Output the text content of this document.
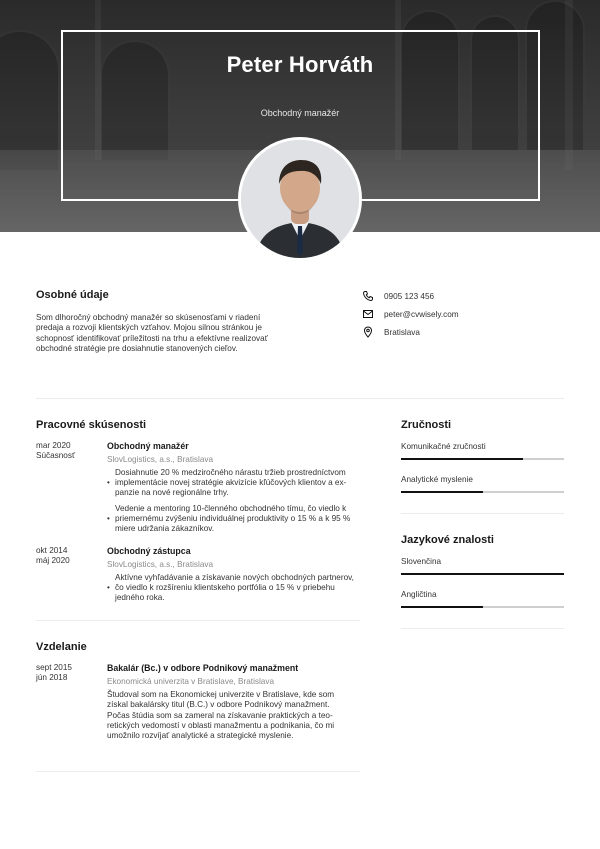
Peter Horváth
Obchodný manažér
Osobné údaje
Som dlhoročný obchodný manažér so skúsenosťami v riadení
predaja a rozvoji klientských vzťahov. Mojou silnou stránkou je
schopnosť identifikovať príležitosti na trhu a efektívne realizovať
obchodné stratégie pre dosiahnutie stanovených cieľov.
0905 123 456
peter@cvwisely.com
Bratislava
Pracovné skúsenosti
mar 2020
Súčasnosť
Obchodný manažér
SlovLogistics, a.s., Bratislava
•
Dosiahnutie 20 % medziročného nárastu tržieb prostredníctvom
implementácie novej stratégie akvizície kľúčových klientov a ex-
panzie na nové regionálne trhy.
•
Vedenie a mentoring 10-členného obchodného tímu, čo viedlo k
priemernému zvýšeniu individuálnej produktivity o 15 % a k 95 %
miere udržania zákazníkov.
okt 2014
máj 2020
Obchodný zástupca
SlovLogistics, a.s., Bratislava
•
Aktívne vyhľadávanie a získavanie nových obchodných partnerov,
čo viedlo k rozšíreniu klientskeho portfólia o 15 % v priebehu
jedného roka.
Vzdelanie
sept 2015
jún 2018
Bakalár (Bc.) v odbore Podnikový manažment
Ekonomická univerzita v Bratislave, Bratislava
Študoval som na Ekonomickej univerzite v Bratislave, kde som
získal bakalársky titul (B.C.) v odbore Podnikový manažment.
Počas štúdia som sa zameral na získavanie praktických a teo-
retických vedomostí v oblasti manažmentu a podnikania, čo mi
umožnilo rozvíjať analytické a strategické myslenie.
Zručnosti
Komunikačné zručnosti
Analytické myslenie
Jazykové znalosti
Slovenčina
Angličtina
